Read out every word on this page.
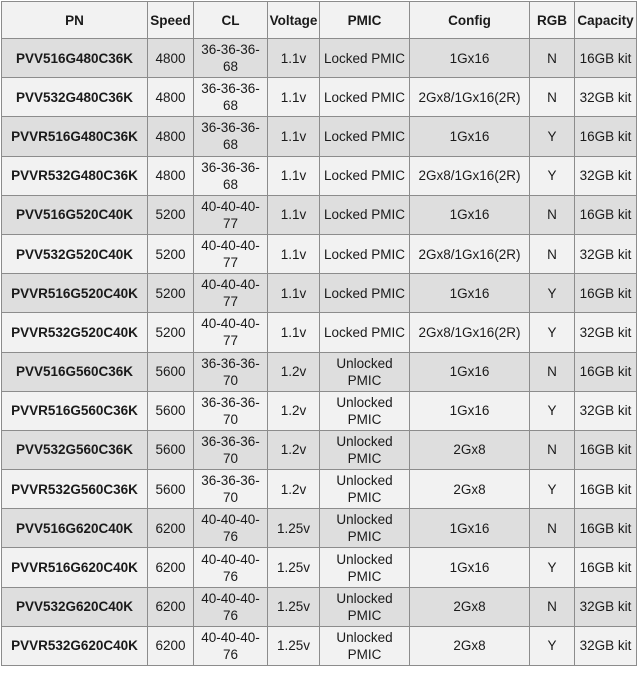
PN	Speed	CL	Voltage	PMIC	Config	RGB	Capacity
PVV516G480C36K	4800	36-36-36-68	1.1v	Locked PMIC	1Gx16	N	16GB kit
PVV532G480C36K	4800	36-36-36-68	1.1v	Locked PMIC	2Gx8/1Gx16(2R)	N	32GB kit
PVVR516G480C36K	4800	36-36-36-68	1.1v	Locked PMIC	1Gx16	Y	16GB kit
PVVR532G480C36K	4800	36-36-36-68	1.1v	Locked PMIC	2Gx8/1Gx16(2R)	Y	32GB kit
PVV516G520C40K	5200	40-40-40-77	1.1v	Locked PMIC	1Gx16	N	16GB kit
PVV532G520C40K	5200	40-40-40-77	1.1v	Locked PMIC	2Gx8/1Gx16(2R)	N	32GB kit
PVVR516G520C40K	5200	40-40-40-77	1.1v	Locked PMIC	1Gx16	Y	16GB kit
PVVR532G520C40K	5200	40-40-40-77	1.1v	Locked PMIC	2Gx8/1Gx16(2R)	Y	32GB kit
PVV516G560C36K	5600	36-36-36-70	1.2v	Unlocked PMIC	1Gx16	N	16GB kit
PVVR516G560C36K	5600	36-36-36-70	1.2v	Unlocked PMIC	1Gx16	Y	32GB kit
PVV532G560C36K	5600	36-36-36-70	1.2v	Unlocked PMIC	2Gx8	N	16GB kit
PVVR532G560C36K	5600	36-36-36-70	1.2v	Unlocked PMIC	2Gx8	Y	16GB kit
PVV516G620C40K	6200	40-40-40-76	1.25v	Unlocked PMIC	1Gx16	N	16GB kit
PVVR516G620C40K	6200	40-40-40-76	1.25v	Unlocked PMIC	1Gx16	Y	16GB kit
PVV532G620C40K	6200	40-40-40-76	1.25v	Unlocked PMIC	2Gx8	N	32GB kit
PVVR532G620C40K	6200	40-40-40-76	1.25v	Unlocked PMIC	2Gx8	Y	32GB kit
